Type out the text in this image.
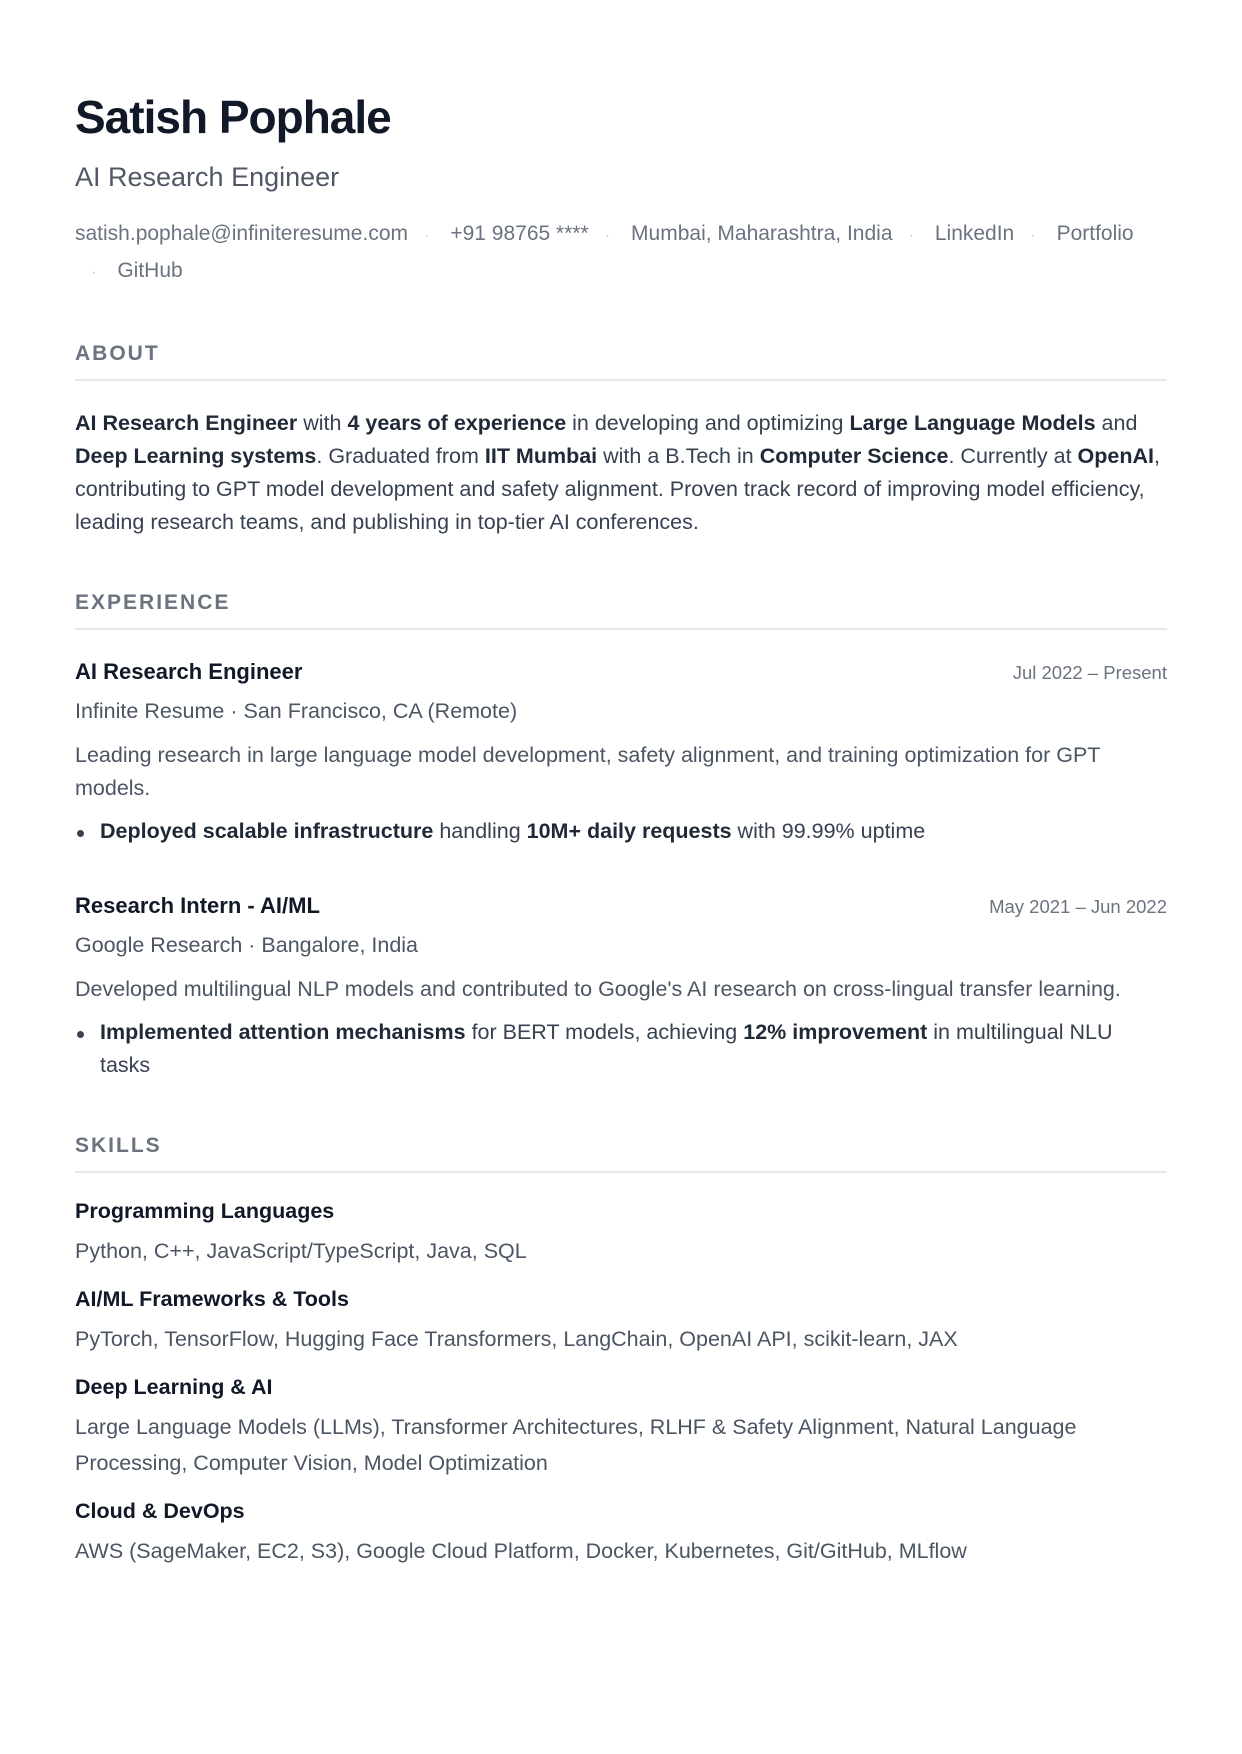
Satish Pophale
AI Research Engineer
satish.pophale@infiniteresume.com	·	+91 98765 ****	·	Mumbai, Maharashtra, India	·	LinkedIn	·	Portfolio
·	GitHub
ABOUT

AI Research Engineer with 4 years of experience in developing and optimizing Large Language Models and Deep Learning systems. Graduated from IIT Mumbai with a B.Tech in Computer Science. Currently at OpenAI, contributing to GPT model development and safety alignment. Proven track record of improving model efficiency, leading research teams, and publishing in top-tier AI conferences.

EXPERIENCE
AI Research Engineer	Jul 2022 – Present
Infinite Resume · San Francisco, CA (Remote)
Leading research in large language model development, safety alignment, and training optimization for GPT models.
Deployed scalable infrastructure handling 10M+ daily requests with 99.99% uptime
Research Intern - AI/ML	May 2021 – Jun 2022
Google Research · Bangalore, India
Developed multilingual NLP models and contributed to Google's AI research on cross-lingual transfer learning.
Implemented attention mechanisms for BERT models, achieving 12% improvement in multilingual NLU tasks
SKILLS
Programming Languages
Python, C++, JavaScript/TypeScript, Java, SQL
AI/ML Frameworks & Tools
PyTorch, TensorFlow, Hugging Face Transformers, LangChain, OpenAI API, scikit-learn, JAX
Deep Learning & AI
Large Language Models (LLMs), Transformer Architectures, RLHF & Safety Alignment, Natural Language Processing, Computer Vision, Model Optimization
Cloud & DevOps
AWS (SageMaker, EC2, S3), Google Cloud Platform, Docker, Kubernetes, Git/GitHub, MLflow
